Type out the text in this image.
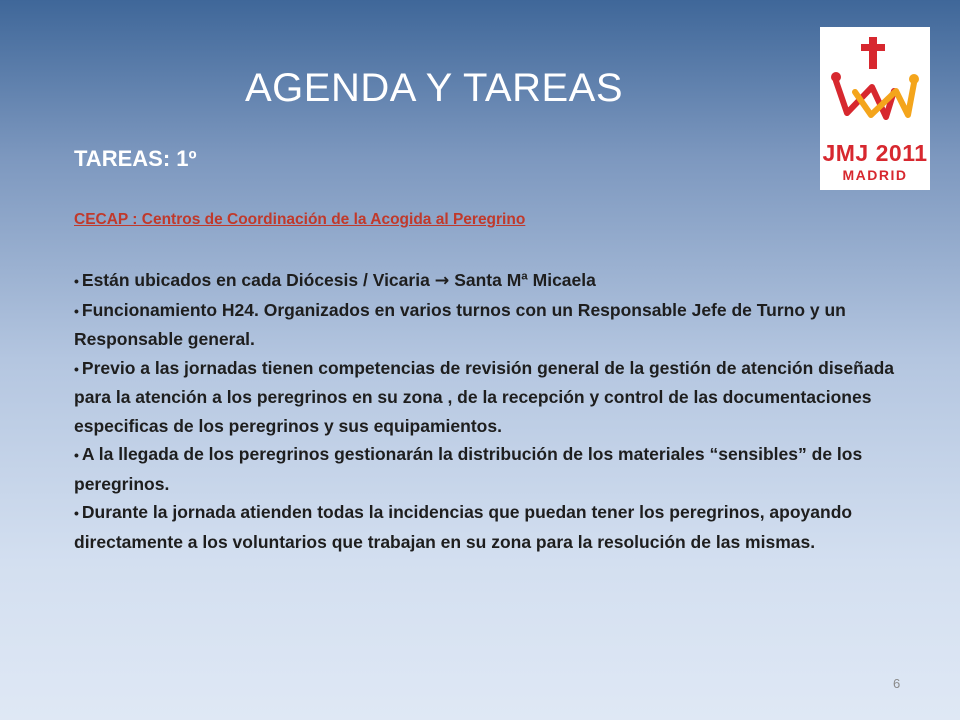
AGENDA Y TAREAS
JMJ 2011
MADRID
TAREAS: 1º
CECAP : Centros de Coordinación de la Acogida al Peregrino
• Están ubicados en cada Diócesis / Vicaria → Santa Mª Micaela
• Funcionamiento H24. Organizados en varios turnos con un Responsable Jefe de Turno y un Responsable general.
• Previo a las jornadas tienen competencias de revisión general de la gestión de atención diseñada para la atención a los peregrinos en su zona , de la recepción y control de las documentaciones especificas de los peregrinos y sus equipamientos.
• A la llegada de los peregrinos gestionarán la distribución de los materiales “sensibles” de los peregrinos.
• Durante la jornada atienden todas la incidencias que puedan tener los peregrinos, apoyando directamente a los voluntarios que trabajan en su zona para la resolución de las mismas.
6
